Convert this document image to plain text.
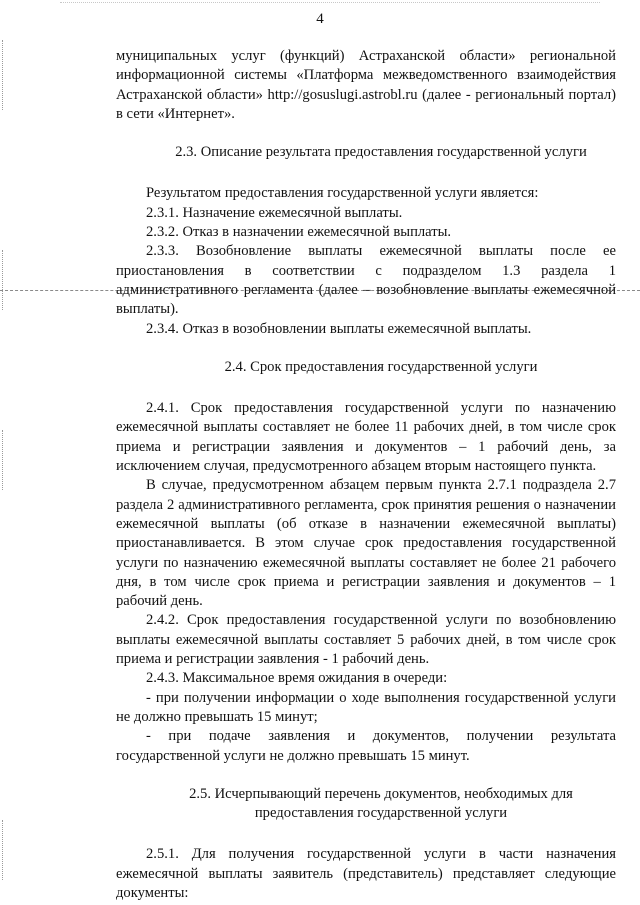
4

муниципальных услуг (функций) Астраханской области» региональной информационной системы «Платформа межведомственного взаимодействия Астраханской области» http://gosuslugi.astrobl.ru (далее - региональный портал) в сети «Интернет».

2.3. Описание результата предоставления государственной услуги

Результатом предоставления государственной услуги является:

2.3.1. Назначение ежемесячной выплаты.

2.3.2. Отказ в назначении ежемесячной выплаты.

2.3.3. Возобновление выплаты ежемесячной выплаты после ее приостановления в соответствии с подразделом 1.3 раздела 1 административного регламента (далее – возобновление выплаты ежемесячной выплаты).

2.3.4. Отказ в возобновлении выплаты ежемесячной выплаты.

2.4. Срок предоставления государственной услуги

2.4.1. Срок предоставления государственной услуги по назначению ежемесячной выплаты составляет не более 11 рабочих дней, в том числе срок приема и регистрации заявления и документов – 1 рабочий день, за исключением случая, предусмотренного абзацем вторым настоящего пункта.

В случае, предусмотренном абзацем первым пункта 2.7.1 подраздела 2.7 раздела 2 административного регламента, срок принятия решения о назначении ежемесячной выплаты (об отказе в назначении ежемесячной выплаты) приостанавливается. В этом случае срок предоставления государственной услуги по назначению ежемесячной выплаты составляет не более 21 рабочего дня, в том числе срок приема и регистрации заявления и документов – 1 рабочий день.

2.4.2. Срок предоставления государственной услуги по возобновлению выплаты ежемесячной выплаты составляет 5 рабочих дней, в том числе срок приема и регистрации заявления - 1 рабочий день.

2.4.3. Максимальное время ожидания в очереди:

- при получении информации о ходе выполнения государственной услуги не должно превышать 15 минут;

- при подаче заявления и документов, получении результата государственной услуги не должно превышать 15 минут.

2.5. Исчерпывающий перечень документов, необходимых для

предоставления государственной услуги

2.5.1. Для получения государственной услуги в части назначения ежемесячной выплаты заявитель (представитель) представляет следующие документы:
